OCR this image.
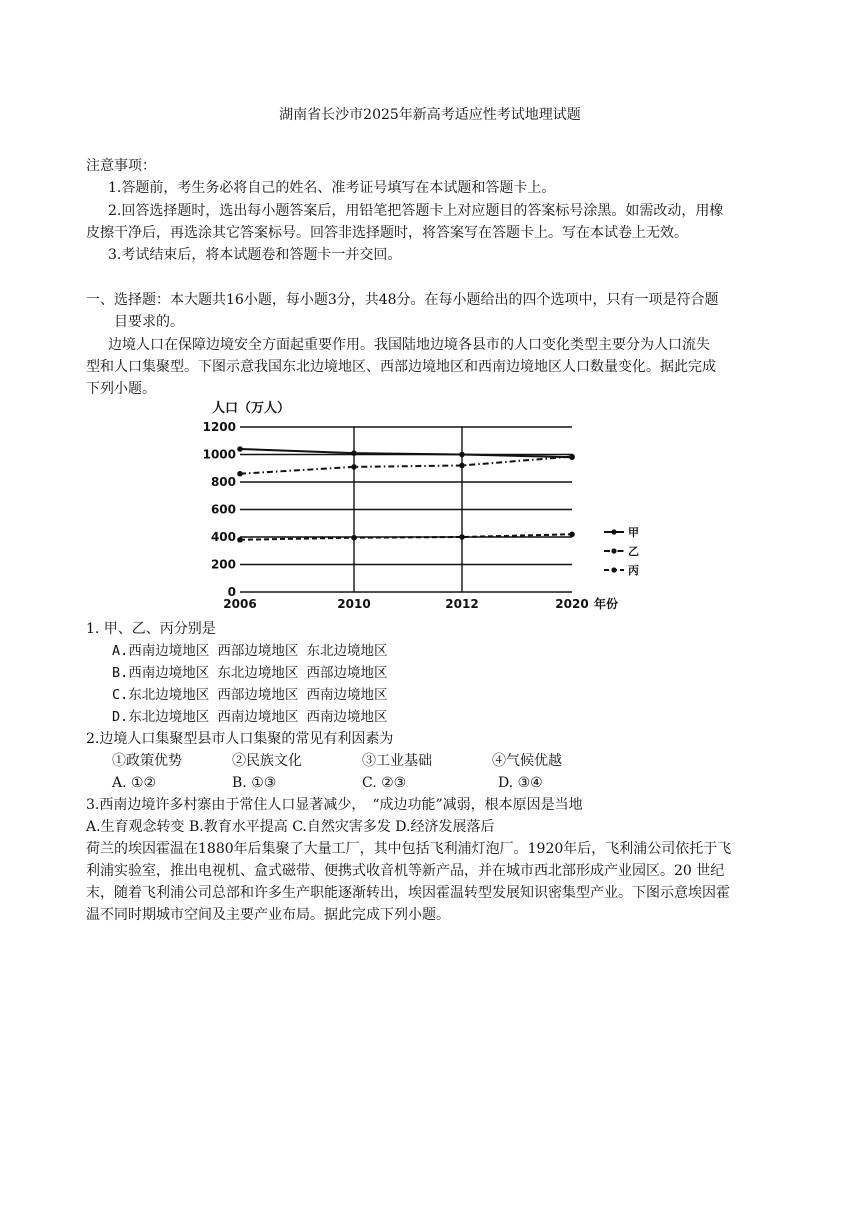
湖南省长沙市2025年新高考适应性考试地理试题
注意事项：
1.答题前，考生务必将自己的姓名、准考证号填写在本试题和答题卡上。
2.回答选择题时，选出每小题答案后，用铅笔把答题卡上对应题目的答案标号涂黑。如需改动，用橡
皮擦干净后，再选涂其它答案标号。回答非选择题时，将答案写在答题卡上。写在本试卷上无效。
3.考试结束后，将本试题卷和答题卡一并交回。
一、选择题：本大题共16小题，每小题3分，共48分。在每小题给出的四个选项中，只有一项是符合题
目要求的。
边境人口在保障边境安全方面起重要作用。我国陆地边境各县市的人口变化类型主要分为人口流失
型和人口集聚型。下图示意我国东北边境地区、西部边境地区和西南边境地区人口数量变化。据此完成
下列小题。
0
200
400
600
800
1000
1200
2006	2010	2012	2020
人口（万人）
年份
甲
乙
丙
1. 甲、乙、丙分别是
A.西南边境地区 西部边境地区 东北边境地区
B.西南边境地区 东北边境地区 西部边境地区
C.东北边境地区 西部边境地区 西南边境地区
D.东北边境地区 西南边境地区 西南边境地区
2.边境人口集聚型县市人口集聚的常见有利因素为
①政策优势	②民族文化	③工业基础	④气候优越
A. ①②	B. ①③	C. ②③	D. ③④
3.西南边境许多村寨由于常住人口显著减少，　“成边功能”减弱，根本原因是当地
A.生育观念转变 B.教育水平提高 C.自然灾害多发 D.经济发展落后
荷兰的埃因霍温在1880年后集聚了大量工厂，其中包括飞利浦灯泡厂。1920年后，飞利浦公司依托于飞
利浦实验室，推出电视机、盒式磁带、便携式收音机等新产品，并在城市西北部形成产业园区。20 世纪
末，随着飞利浦公司总部和许多生产职能逐渐转出，埃因霍温转型发展知识密集型产业。下图示意埃因霍
温不同时期城市空间及主要产业布局。据此完成下列小题。
